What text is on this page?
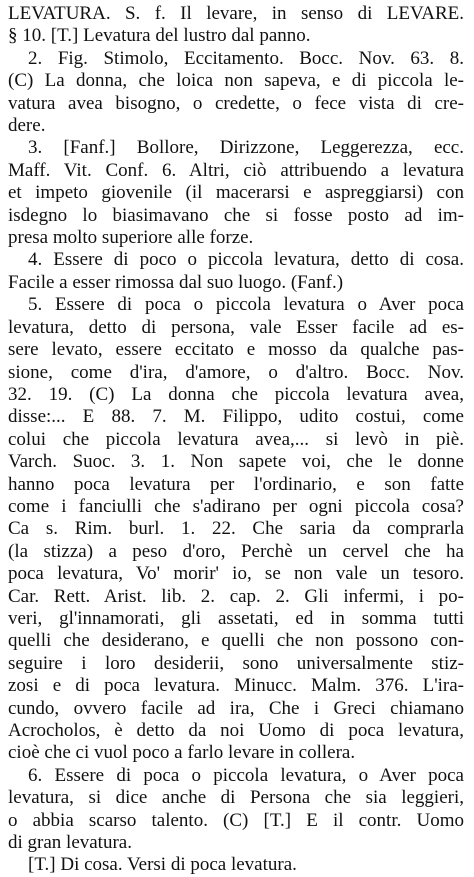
LEVATURA. S. f. Il levare, in senso di LEVARE.
§ 10. [T.] Levatura del lustro dal panno.
2. Fig. Stimolo, Eccitamento. Bocc. Nov. 63. 8.
(C) La donna, che loica non sapeva, e di piccola le-
vatura avea bisogno, o credette, o fece vista di cre-
dere.
3. [Fanf.] Bollore, Dirizzone, Leggerezza, ecc.
Maff. Vit. Conf. 6. Altri, ciò attribuendo a levatura
et impeto giovenile (il macerarsi e aspreggiarsi) con
isdegno lo biasimavano che si fosse posto ad im-
presa molto superiore alle forze.
4. Essere di poco o piccola levatura, detto di cosa.
Facile a esser rimossa dal suo luogo. (Fanf.)
5. Essere di poca o piccola levatura o Aver poca
levatura, detto di persona, vale Esser facile ad es-
sere levato, essere eccitato e mosso da qualche pas-
sione, come d'ira, d'amore, o d'altro. Bocc. Nov.
32. 19. (C) La donna che piccola levatura avea,
disse:... E 88. 7. M. Filippo, udito costui, come
colui che piccola levatura avea,... si levò in piè.
Varch. Suoc. 3. 1. Non sapete voi, che le donne
hanno poca levatura per l'ordinario, e son fatte
come i fanciulli che s'adirano per ogni piccola cosa?
Ca s. Rim. burl. 1. 22. Che saria da comprarla
(la stizza) a peso d'oro, Perchè un cervel che ha
poca levatura, Vo' morir' io, se non vale un tesoro.
Car. Rett. Arist. lib. 2. cap. 2. Gli infermi, i po-
veri, gl'innamorati, gli assetati, ed in somma tutti
quelli che desiderano, e quelli che non possono con-
seguire i loro desiderii, sono universalmente stiz-
zosi e di poca levatura. Minucc. Malm. 376. L'ira-
cundo, ovvero facile ad ira, Che i Greci chiamano
Acrocholos, è detto da noi Uomo di poca levatura,
cioè che ci vuol poco a farlo levare in collera.
6. Essere di poca o piccola levatura, o Aver poca
levatura, si dice anche di Persona che sia leggieri,
o abbia scarso talento. (C) [T.] E il contr. Uomo
di gran levatura.
[T.] Di cosa. Versi di poca levatura.
